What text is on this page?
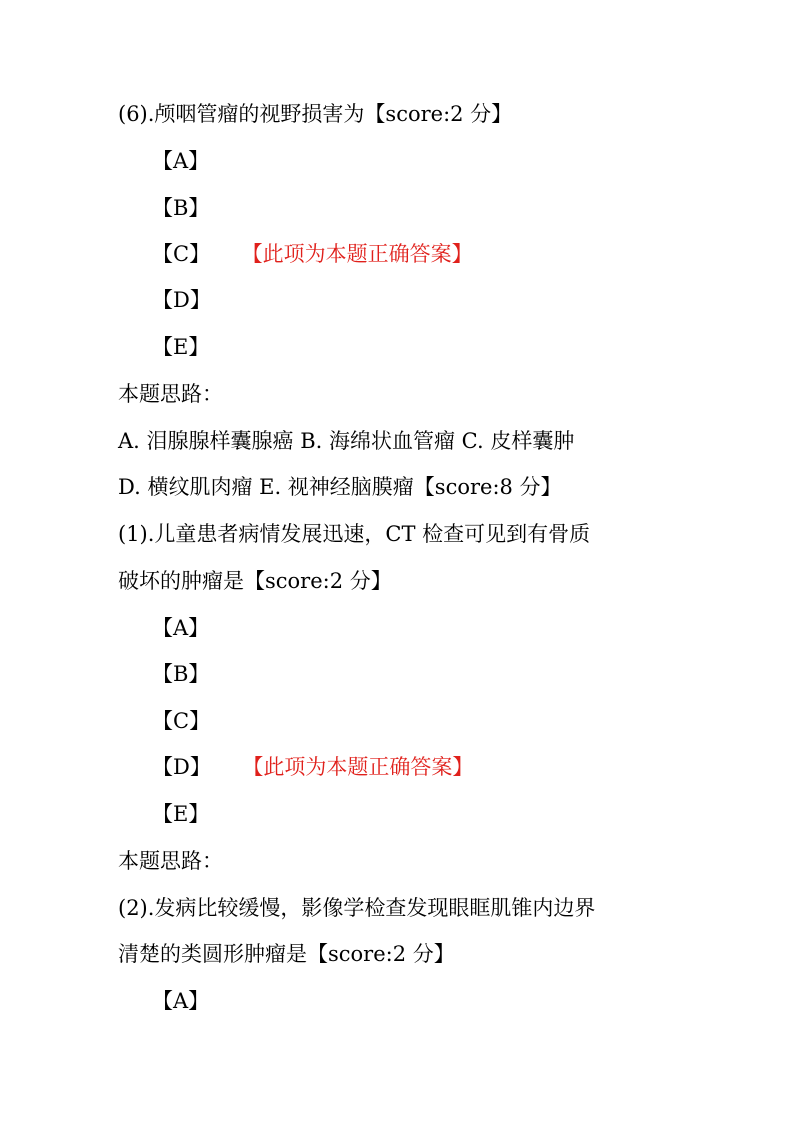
(6).颅咽管瘤的视野损害为【score:2 分】
【A】
【B】
【C】 【此项为本题正确答案】
【D】
【E】
本题思路：
A. 泪腺腺样囊腺癌 B. 海绵状血管瘤 C. 皮样囊肿
D. 横纹肌肉瘤 E. 视神经脑膜瘤【score:8 分】
(1).儿童患者病情发展迅速，CT 检查可见到有骨质
破坏的肿瘤是【score:2 分】
【A】
【B】
【C】
【D】 【此项为本题正确答案】
【E】
本题思路：
(2).发病比较缓慢，影像学检查发现眼眶肌锥内边界
清楚的类圆形肿瘤是【score:2 分】
【A】
